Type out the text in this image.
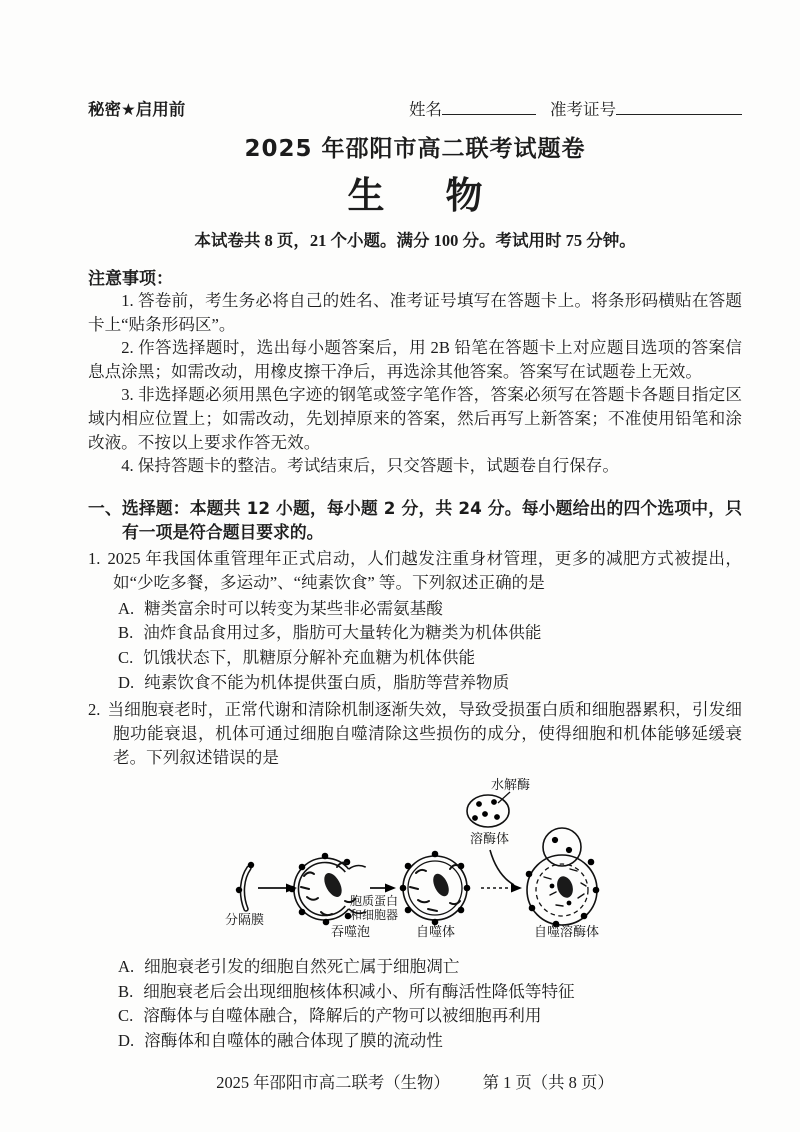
秘密★启用前	姓名	准考证号
2025 年邵阳市高二联考试题卷
生　物
本试卷共 8 页，21 个小题。满分 100 分。考试用时 75 分钟。
注意事项：

1. 答卷前，考生务必将自己的姓名、准考证号填写在答题卡上。将条形码横贴在答题卡上“贴条形码区”。

2. 作答选择题时，选出每小题答案后，用 2B 铅笔在答题卡上对应题目选项的答案信息点涂黑；如需改动，用橡皮擦干净后，再选涂其他答案。答案写在试题卷上无效。

3. 非选择题必须用黑色字迹的钢笔或签字笔作答，答案必须写在答题卡各题目指定区域内相应位置上；如需改动，先划掉原来的答案，然后再写上新答案；不准使用铅笔和涂改液。不按以上要求作答无效。

4. 保持答题卡的整洁。考试结束后，只交答题卡，试题卷自行保存。

一、选择题：本题共 12 小题，每小题 2 分，共 24 分。每小题给出的四个选项中，只有一项是符合题目要求的。

1. 2025 年我国体重管理年正式启动，人们越发注重身材管理，更多的减肥方式被提出，如“少吃多餐，多运动”、“纯素饮食” 等。下列叙述正确的是

A. 糖类富余时可以转变为某些非必需氨基酸
B. 油炸食品食用过多，脂肪可大量转化为糖类为机体供能
C. 饥饿状态下，肌糖原分解补充血糖为机体供能
D. 纯素饮食不能为机体提供蛋白质，脂肪等营养物质

2. 当细胞衰老时，正常代谢和清除机制逐渐失效，导致受损蛋白质和细胞器累积，引发细胞功能衰退，机体可通过细胞自噬清除这些损伤的成分，使得细胞和机体能够延缓衰老。下列叙述错误的是

水解酶
溶酶体
分隔膜
吞噬泡
胞质蛋白
和细胞器
自噬体	自噬溶酶体
A. 细胞衰老引发的细胞自然死亡属于细胞凋亡
B. 细胞衰老后会出现细胞核体积减小、所有酶活性降低等特征
C. 溶酶体与自噬体融合，降解后的产物可以被细胞再利用
D. 溶酶体和自噬体的融合体现了膜的流动性
2025 年邵阳市高二联考（生物） 第 1 页（共 8 页）
